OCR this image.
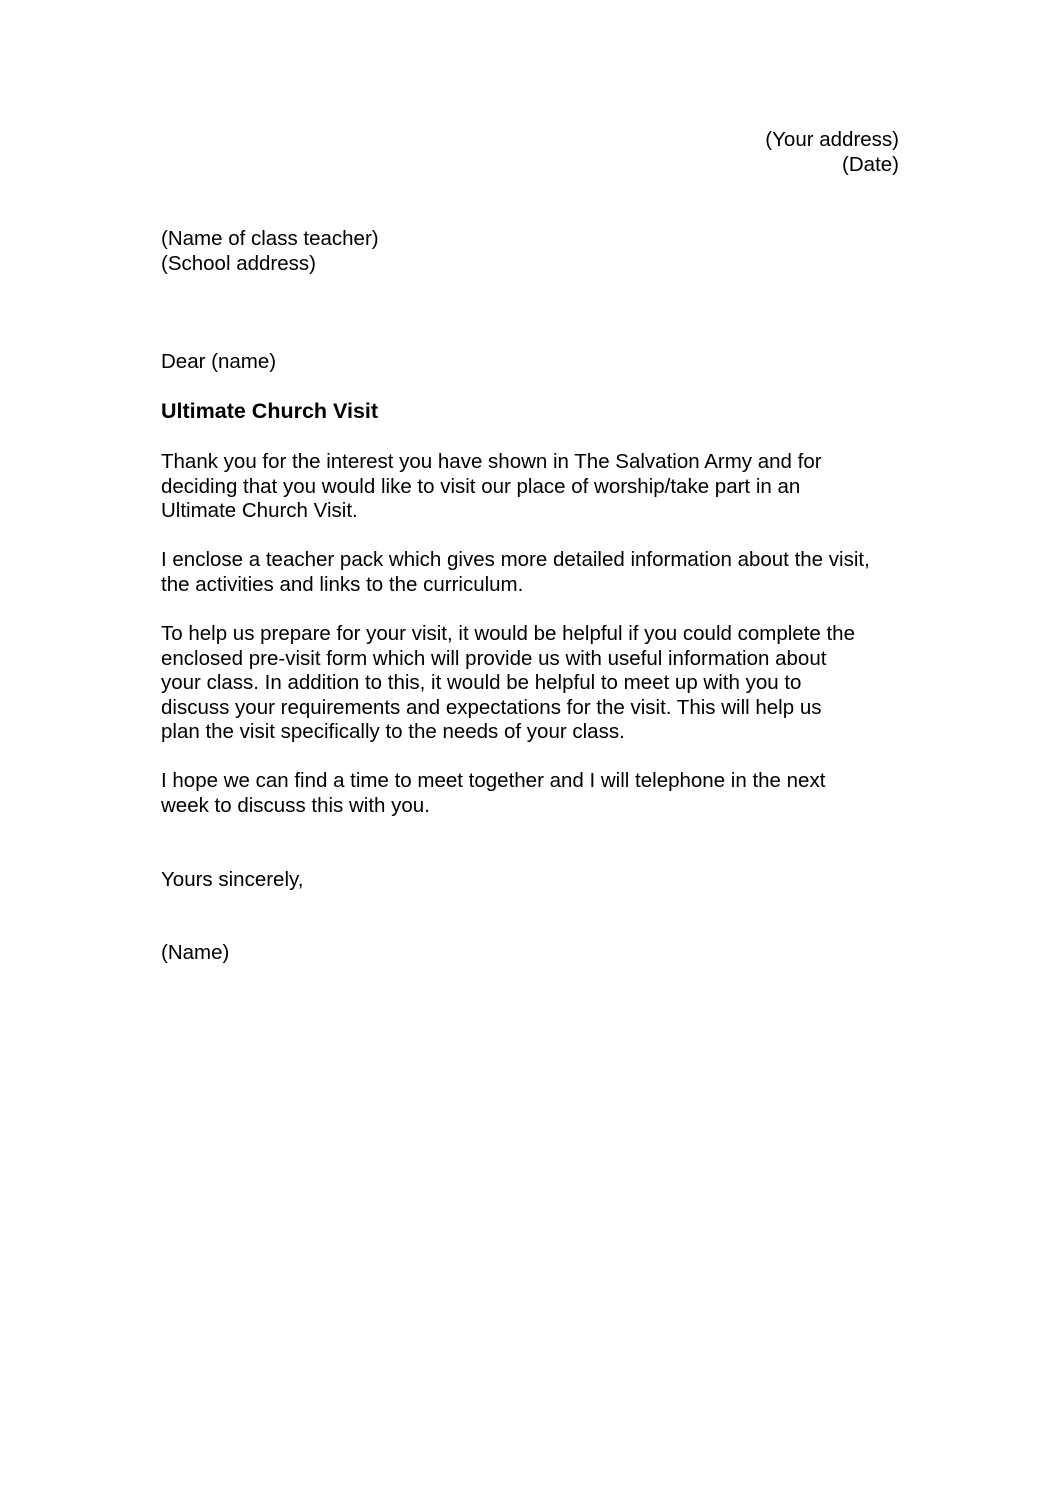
(Your address)
(Date)
(Name of class teacher)
(School address)
Dear (name)
Ultimate Church Visit
Thank you for the interest you have shown in The Salvation Army and for
deciding that you would like to visit our place of worship/take part in an
Ultimate Church Visit.
I enclose a teacher pack which gives more detailed information about the visit,
the activities and links to the curriculum.
To help us prepare for your visit, it would be helpful if you could complete the
enclosed pre-visit form which will provide us with useful information about
your class. In addition to this, it would be helpful to meet up with you to
discuss your requirements and expectations for the visit. This will help us
plan the visit specifically to the needs of your class.
I hope we can find a time to meet together and I will telephone in the next
week to discuss this with you.
Yours sincerely,
(Name)
